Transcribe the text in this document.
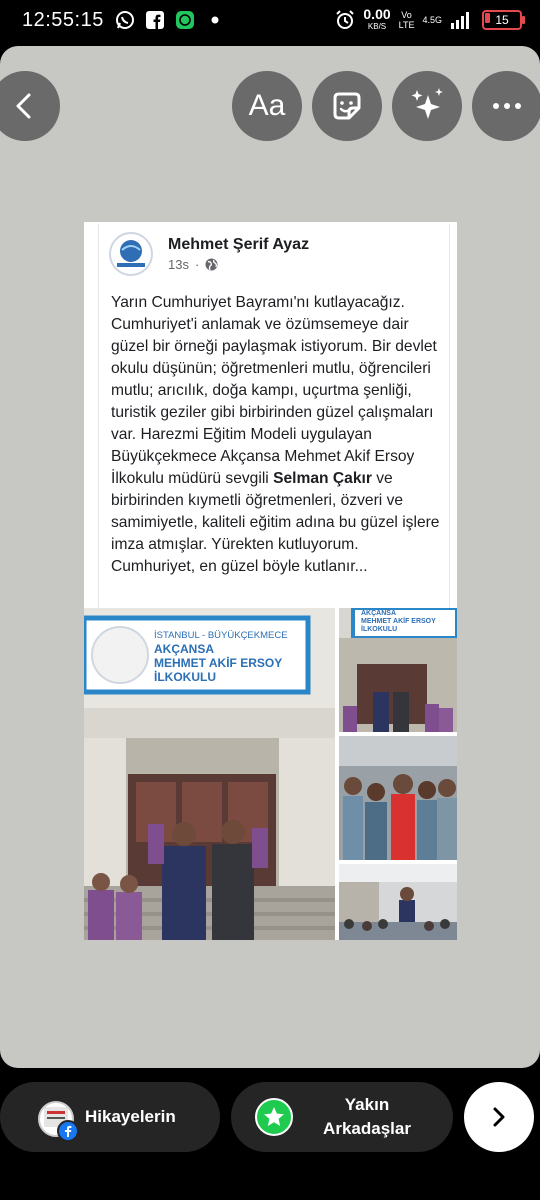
12:55:15	0.00
KB/S
Vo
LTE 4.5G	15
Aa
Mehmet Şerif Ayaz
13s ·
Yarın Cumhuriyet Bayramı'nı kutlayacağız. Cumhuriyet'i anlamak ve özümsemeye dair güzel bir örneği paylaşmak istiyorum. Bir devlet okulu düşünün; öğretmenleri mutlu, öğrencileri mutlu; arıcılık, doğa kampı, uçurtma şenliği, turistik geziler gibi birbirinden güzel çalışmaları var. Harezmi Eğitim Modeli uygulayan Büyükçekmece Akçansa Mehmet Akif Ersoy İlkokulu müdürü sevgili Selman Çakır ve birbirinden kıymetli öğretmenleri, özveri ve samimiyetle, kaliteli eğitim adına bu güzel işlere imza atmışlar. Yürekten kutluyorum. Cumhuriyet, en güzel böyle kutlanır...
İSTANBUL - BÜYÜKÇEKMECE
AKÇANSA
MEHMET AKİF ERSOY
İLKOKULU
AKÇANSA
MEHMET AKİF ERSOY
İLKOKULU
Hikayelerin
Yakın
Arkadaşlar
